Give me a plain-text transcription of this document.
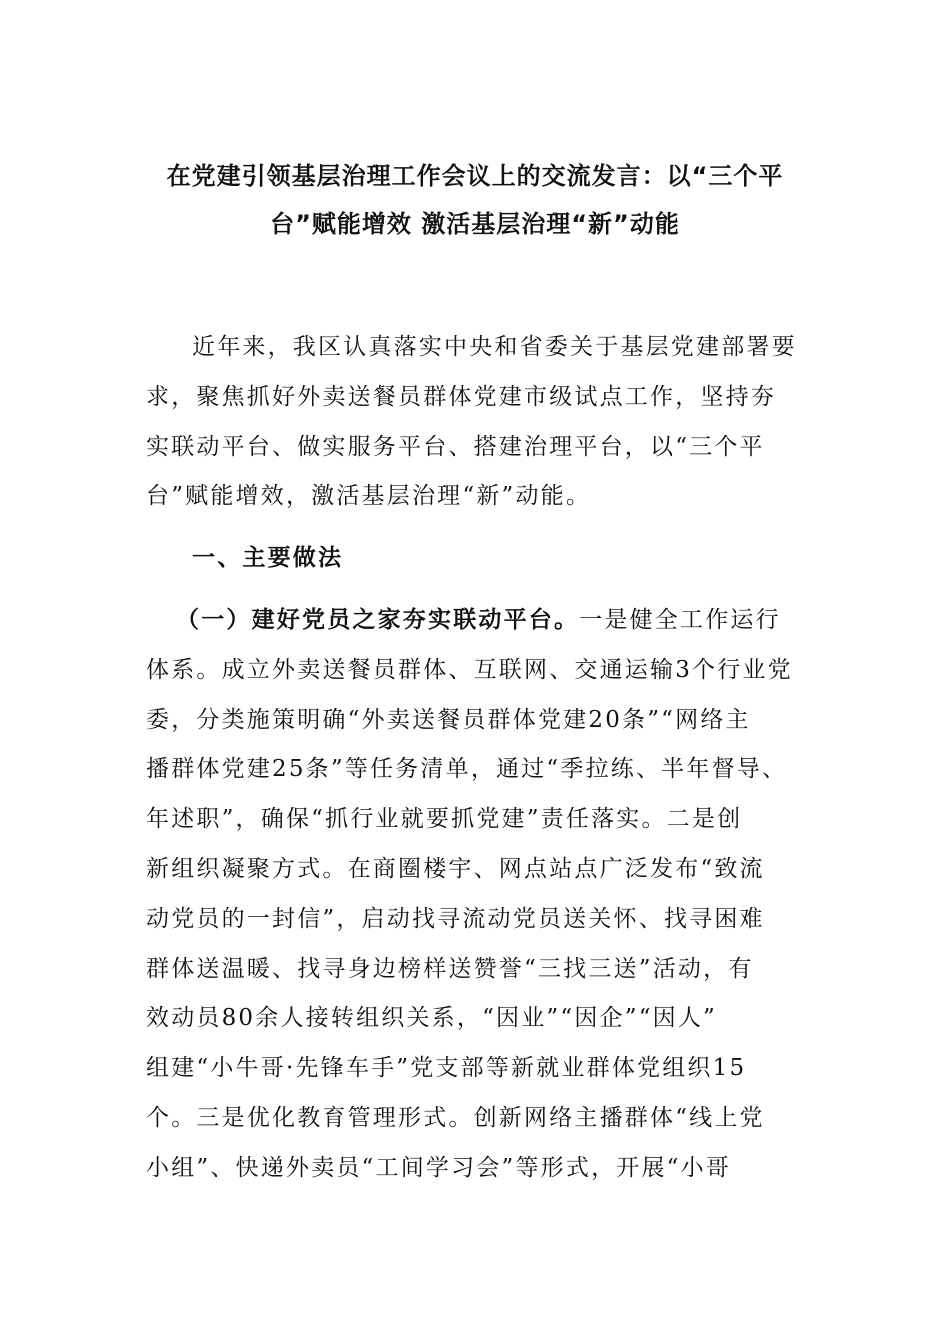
在党建引领基层治理工作会议上的交流发言：以“三个平
台”赋能增效 激活基层治理“新”动能
近年来，我区认真落实中央和省委关于基层党建部署要
求，聚焦抓好外卖送餐员群体党建市级试点工作，坚持夯
实联动平台、做实服务平台、搭建治理平台，以“三个平
台”赋能增效，激活基层治理“新”动能。
一、主要做法
（一）建好党员之家夯实联动平台。一是健全工作运行
体系。成立外卖送餐员群体、互联网、交通运输3个行业党
委，分类施策明确“外卖送餐员群体党建20条”“网络主
播群体党建25条”等任务清单，通过“季拉练、半年督导、
年述职”，确保“抓行业就要抓党建”责任落实。二是创
新组织凝聚方式。在商圈楼宇、网点站点广泛发布“致流
动党员的一封信”，启动找寻流动党员送关怀、找寻困难
群体送温暖、找寻身边榜样送赞誉“三找三送”活动，有
效动员80余人接转组织关系，“因业”“因企”“因人”
组建“小牛哥·先锋车手”党支部等新就业群体党组织15
个。三是优化教育管理形式。创新网络主播群体“线上党
小组”、快递外卖员“工间学习会”等形式，开展“小哥
